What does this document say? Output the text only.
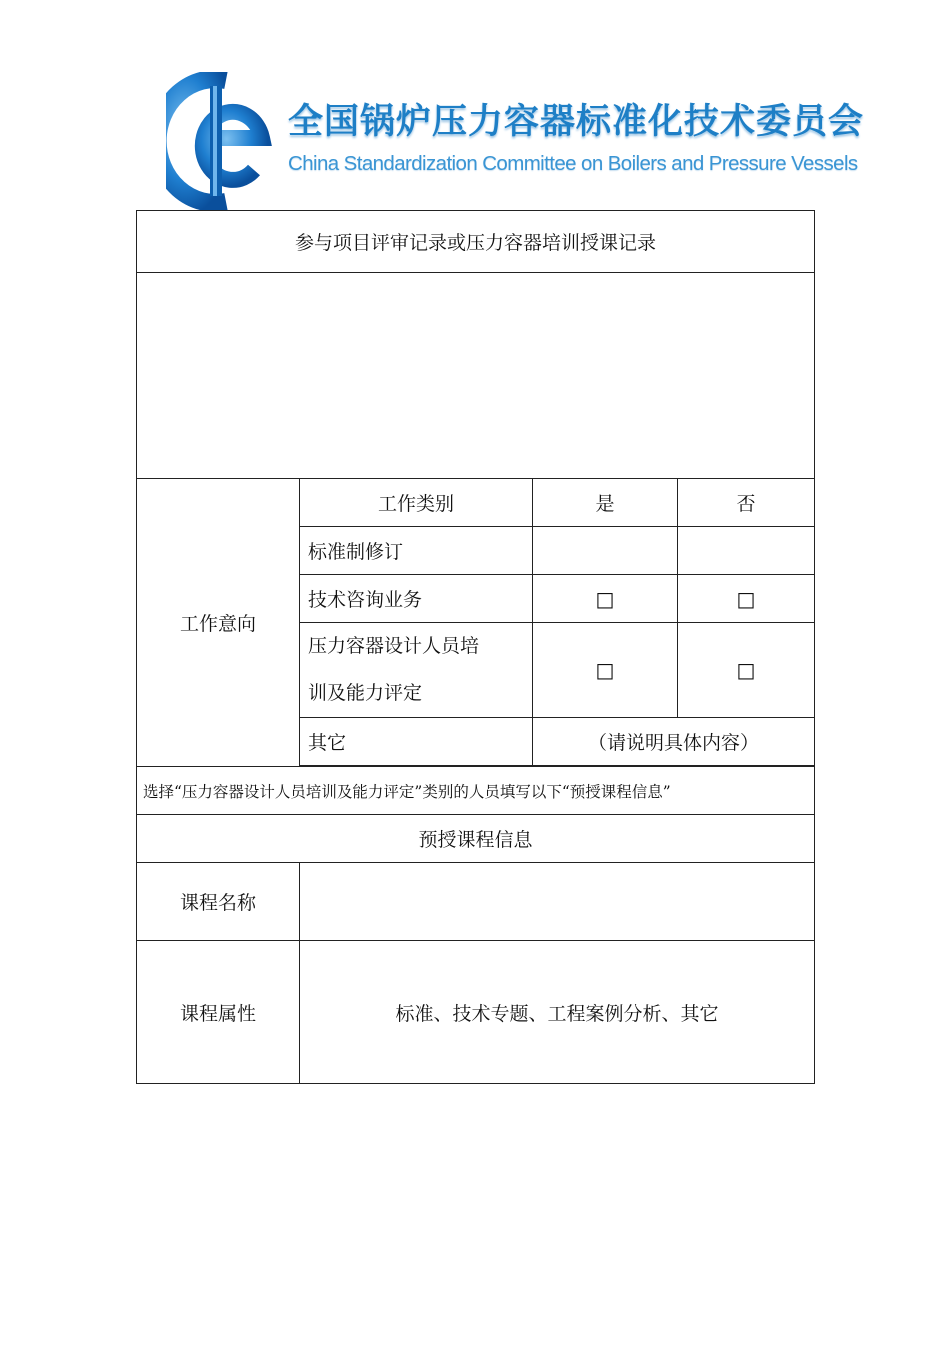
全国锅炉压力容器标准化技术委员会
China Standardization Committee on Boilers and Pressure Vessels
参与项目评审记录或压力容器培训授课记录			

工作意向	工作类别	是	否
	标准制修订		
	技术咨询业务	□	□

	压力容器设计人员培
训及能力评定	□	□
	其它	（请说明具体内容）	

选择“压力容器设计人员培训及能力评定”类别的人员填写以下“预授课程信息”			
预授课程信息			
课程名称			
课程属性	标准、技术专题、工程案例分析、其它		
